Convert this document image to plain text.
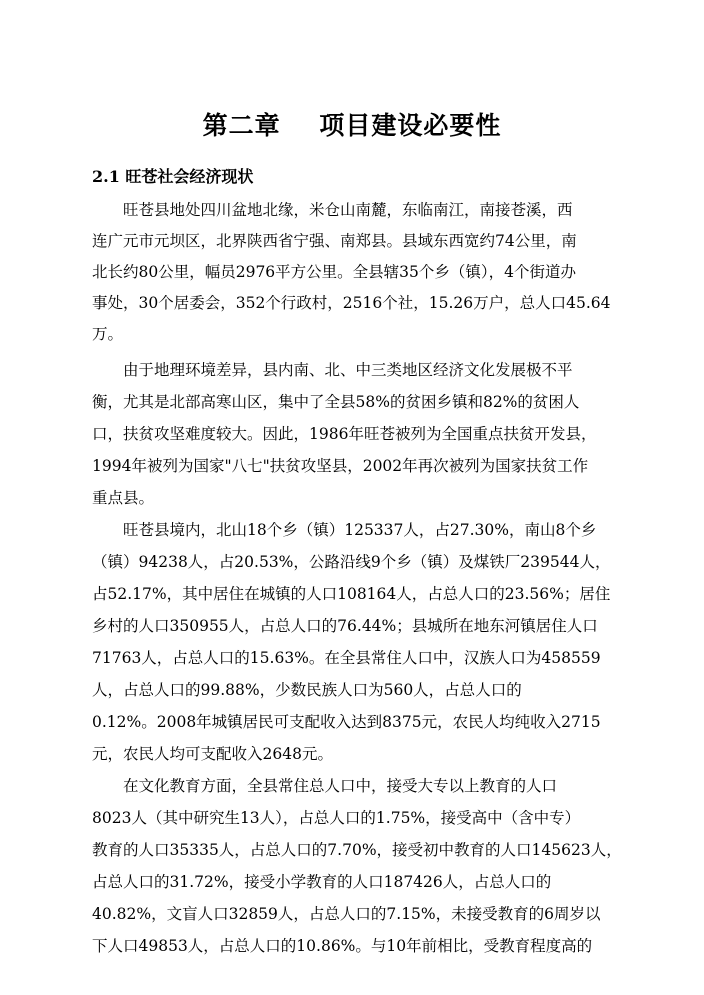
第二章    项目建设必要性
2.1 旺苍社会经济现状
　　旺苍县地处四川盆地北缘，米仓山南麓，东临南江，南接苍溪，西
连广元市元坝区，北界陕西省宁强、南郑县。县域东西宽约74公里，南
北长约80公里，幅员2976平方公里。全县辖35个乡（镇），4个街道办
事处，30个居委会，352个行政村，2516个社，15.26万户，总人口45.64
万。
　　由于地理环境差异，县内南、北、中三类地区经济文化发展极不平
衡，尤其是北部高寒山区，集中了全县58%的贫困乡镇和82%的贫困人
口，扶贫攻坚难度较大。因此，1986年旺苍被列为全国重点扶贫开发县，
1994年被列为国家"八七"扶贫攻坚县，2002年再次被列为国家扶贫工作
重点县。
　　旺苍县境内，北山18个乡（镇）125337人，占27.30%，南山8个乡
（镇）94238人，占20.53%，公路沿线9个乡（镇）及煤铁厂239544人，
占52.17%，其中居住在城镇的人口108164人，占总人口的23.56%；居住
乡村的人口350955人，占总人口的76.44%；县城所在地东河镇居住人口
71763人，占总人口的15.63%。在全县常住人口中，汉族人口为458559
人，占总人口的99.88%，少数民族人口为560人，占总人口的
0.12%。2008年城镇居民可支配收入达到8375元，农民人均纯收入2715
元，农民人均可支配收入2648元。
　　在文化教育方面，全县常住总人口中，接受大专以上教育的人口
8023人（其中研究生13人），占总人口的1.75%，接受高中（含中专）
教育的人口35335人，占总人口的7.70%，接受初中教育的人口145623人，
占总人口的31.72%，接受小学教育的人口187426人，占总人口的
40.82%，文盲人口32859人，占总人口的7.15%，未接受教育的6周岁以
下人口49853人，占总人口的10.86%。与10年前相比，受教育程度高的
